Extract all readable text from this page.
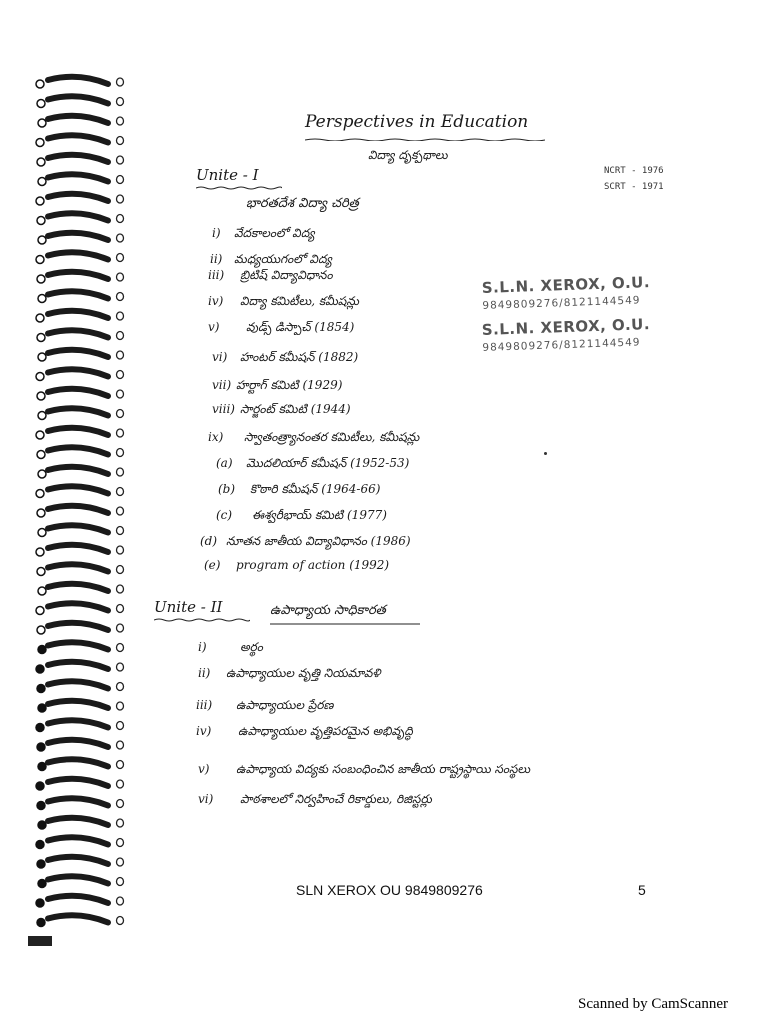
Perspectives in Education
విద్యా దృక్పథాలు
NCRT - 1976
SCRT - 1971
S.L.N. XEROX, O.U.
9849809276/8121144549
S.L.N. XEROX, O.U.
9849809276/8121144549
Unite - I
భారతదేశ విద్యా చరిత్ర
i) వేదకాలంలో విద్య
ii) మధ్యయుగంలో విద్య
iii) బ్రిటిష్ విద్యావిధానం
iv) విద్యా కమిటీలు, కమీషన్లు
v) వుడ్స్ డిస్పాచ్ (1854)
vi) హంటర్ కమీషన్ (1882)
vii) హర్టాగ్ కమిటి (1929)
viii) సార్జంట్ కమిటి (1944)
ix) స్వాతంత్ర్యానంతర కమిటీలు, కమీషన్లు
(a) మొదలియార్ కమీషన్ (1952-53)
(b) కొఠారి కమీషన్ (1964-66)
(c) ఈశ్వరీభాయ్ కమిటి (1977)
(d) నూతన జాతీయ విద్యావిధానం (1986)
(e) program of action (1992)
Unite - II	ఉపాధ్యాయ సాధికారత
i)	అర్థం
ii) ఉపాధ్యాయుల వృత్తి నియమావళి
iii) ఉపాధ్యాయుల ప్రేరణ
iv) ఉపాధ్యాయుల వృత్తిపరమైన అభివృద్ధి
v) ఉపాధ్యాయ విద్యకు సంబంధించిన జాతీయ రాష్ట్రస్థాయి సంస్థలు
vi) పాఠశాలలో నిర్వహించే రికార్డులు, రిజిస్టర్లు
SLN XEROX OU 9849809276	5
Scanned by CamScanner
